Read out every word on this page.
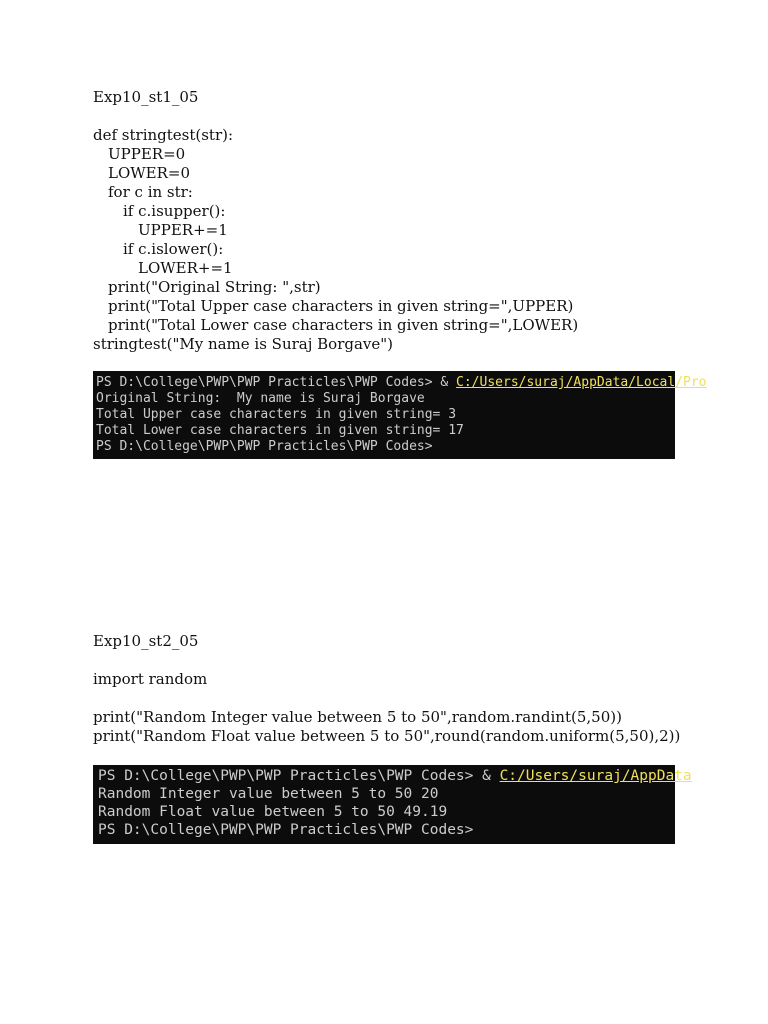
Exp10_st1_05
def stringtest(str):
UPPER=0
LOWER=0
for c in str:
if c.isupper():
UPPER+=1
if c.islower():
LOWER+=1
print("Original String: ",str)
print("Total Upper case characters in given string=",UPPER)
print("Total Lower case characters in given string=",LOWER)
stringtest("My name is Suraj Borgave")
PS D:\College\PWP\PWP Practicles\PWP Codes> & C:/Users/suraj/AppData/Local/Pro
Original String:  My name is Suraj Borgave
Total Upper case characters in given string= 3
Total Lower case characters in given string= 17
PS D:\College\PWP\PWP Practicles\PWP Codes>
Exp10_st2_05
import random
print("Random Integer value between 5 to 50",random.randint(5,50))
print("Random Float value between 5 to 50",round(random.uniform(5,50),2))
PS D:\College\PWP\PWP Practicles\PWP Codes> & C:/Users/suraj/AppData
Random Integer value between 5 to 50 20
Random Float value between 5 to 50 49.19
PS D:\College\PWP\PWP Practicles\PWP Codes>
